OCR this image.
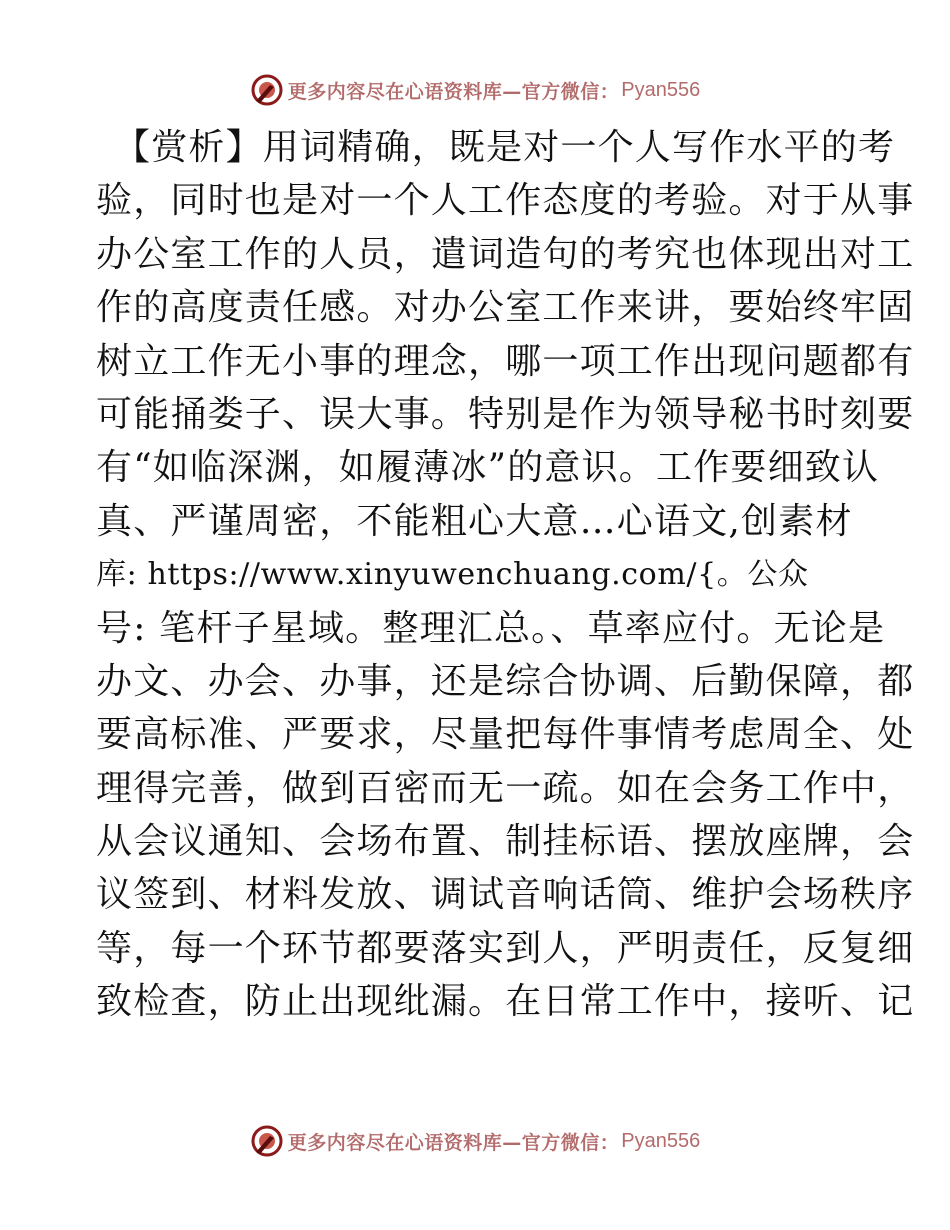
更多内容尽在心语资料库—官方微信： Pyan556
【赏析】用词精确，既是对一个人写作水平的考
验，同时也是对一个人工作态度的考验。对于从事
办公室工作的人员，遣词造句的考究也体现出对工
作的高度责任感。对办公室工作来讲，要始终牢固
树立工作无小事的理念，哪一项工作出现问题都有
可能捅娄子、误大事。特别是作为领导秘书时刻要
有“如临深渊，如履薄冰”的意识。工作要细致认
真、严谨周密，不能粗心大意…心语文,创素材
库: https://www.xinyuwenchuang.com/{。公众
号: 笔杆子星域。整理汇总。、草率应付。无论是
办文、办会、办事，还是综合协调、后勤保障，都
要高标准、严要求，尽量把每件事情考虑周全、处
理得完善，做到百密而无一疏。如在会务工作中，
从会议通知、会场布置、制挂标语、摆放座牌，会
议签到、材料发放、调试音响话筒、维护会场秩序
等，每一个环节都要落实到人，严明责任，反复细
致检查，防止出现纰漏。在日常工作中，接听、记
更多内容尽在心语资料库—官方微信： Pyan556
